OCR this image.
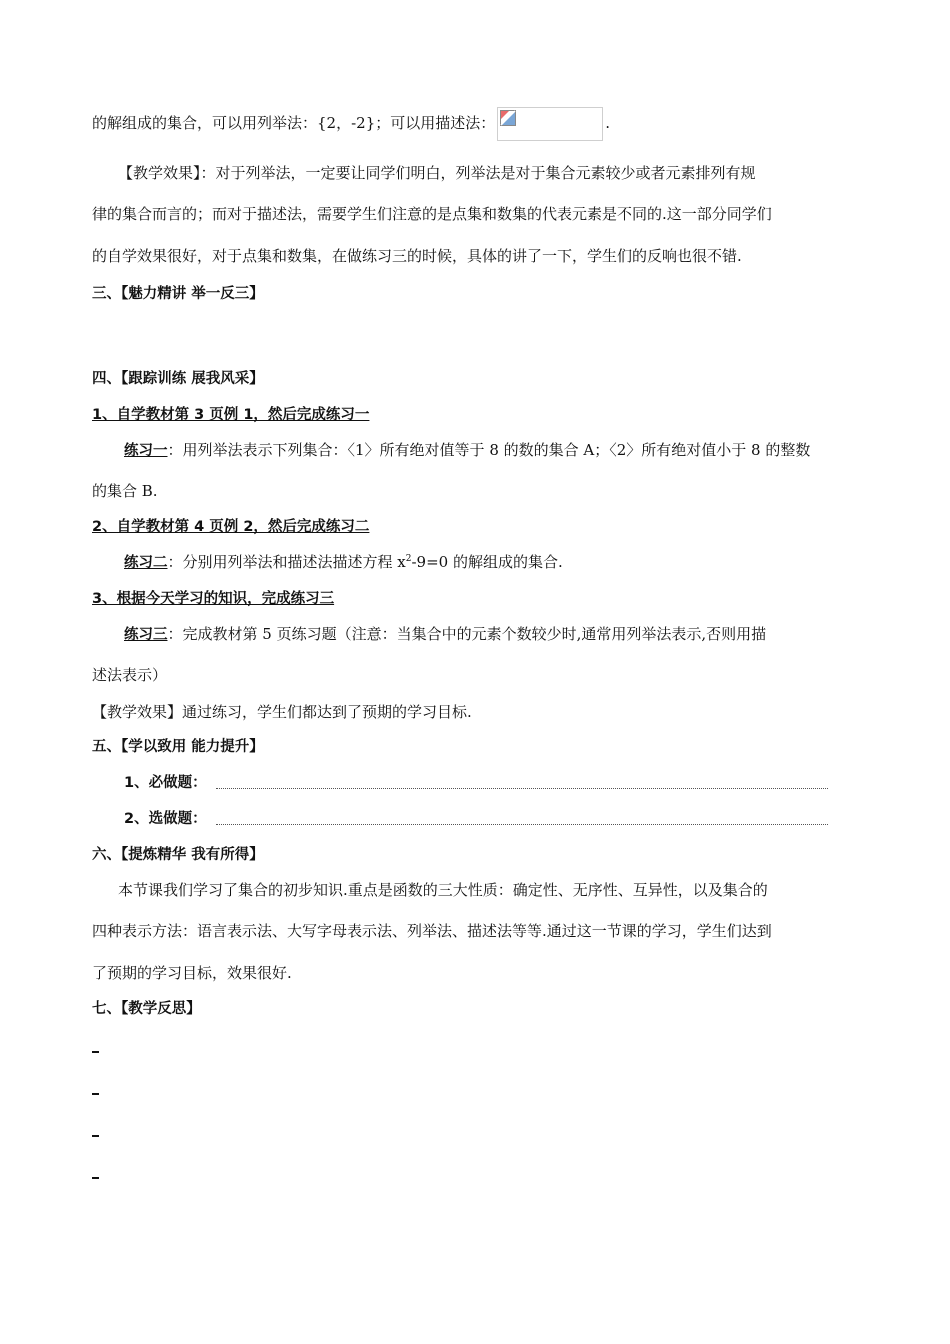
的解组成的集合，可以用列举法：{2，-2}；可以用描述法：	.
【教学效果】：对于列举法，一定要让同学们明白，列举法是对于集合元素较少或者元素排列有规
律的集合而言的；而对于描述法，需要学生们注意的是点集和数集的代表元素是不同的.这一部分同学们
的自学效果很好，对于点集和数集，在做练习三的时候，具体的讲了一下，学生们的反响也很不错.
三、【魅力精讲 举一反三】
四、【跟踪训练 展我风采】
1、自学教材第 3 页例 1，然后完成练习一
练习一：用列举法表示下列集合：〈1〉所有绝对值等于 8 的数的集合 A；〈2〉所有绝对值小于 8 的整数
的集合 B.
2、自学教材第 4 页例 2，然后完成练习二
练习二：分别用列举法和描述法描述方程 $x^2-9=0$ 的解组成的集合.
3、根据今天学习的知识，完成练习三
练习三：完成教材第 5 页练习题（注意：当集合中的元素个数较少时,通常用列举法表示,否则用描
述法表示）
【教学效果】通过练习，学生们都达到了预期的学习目标.
五、【学以致用 能力提升】
1、必做题：
2、选做题：
六、【提炼精华 我有所得】
本节课我们学习了集合的初步知识.重点是函数的三大性质：确定性、无序性、互异性，以及集合的
四种表示方法：语言表示法、大写字母表示法、列举法、描述法等等.通过这一节课的学习，学生们达到
了预期的学习目标，效果很好.
七、【教学反思】
